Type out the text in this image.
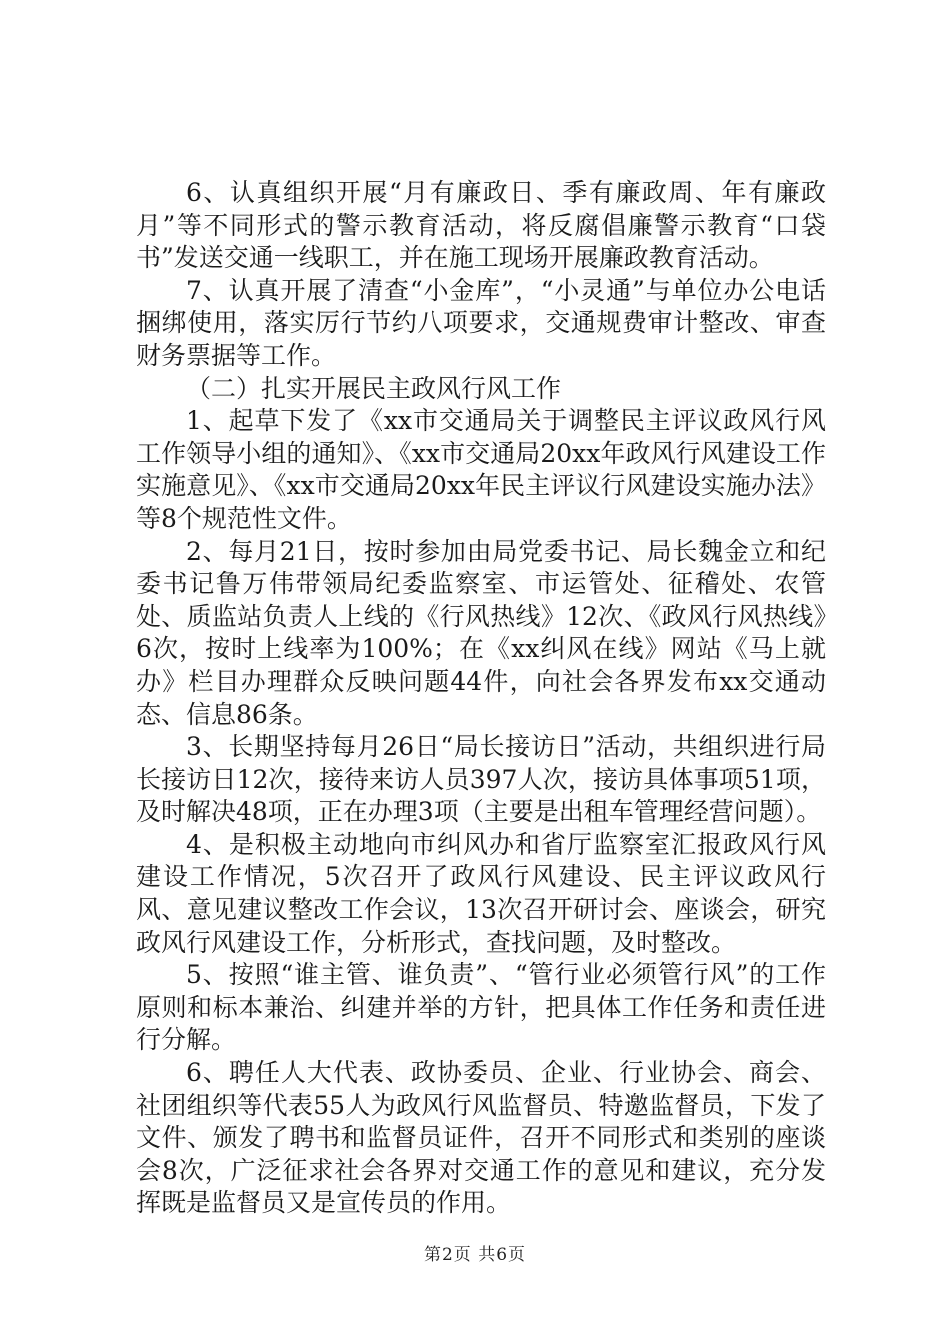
6、认真组织开展“月有廉政日、季有廉政周、年有廉政月”等不同形式的警示教育活动，将反腐倡廉警示教育“口袋书”发送交通一线职工，并在施工现场开展廉政教育活动。

7、认真开展了清查“小金库”，“小灵通”与单位办公电话捆绑使用，落实厉行节约八项要求，交通规费审计整改、审查财务票据等工作。

（二）扎实开展民主政风行风工作

1、起草下发了《xx市交通局关于调整民主评议政风行风工作领导小组的通知》、《xx市交通局20xx年政风行风建设工作实施意见》、《xx市交通局20xx年民主评议行风建设实施办法》等8个规范性文件。

2、每月21日，按时参加由局党委书记、局长魏金立和纪委书记鲁万伟带领局纪委监察室、市运管处、征稽处、农管处、质监站负责人上线的《行风热线》12次、《政风行风热线》6次，按时上线率为100%；在《xx纠风在线》网站《马上就办》栏目办理群众反映问题44件，向社会各界发布xx交通动态、信息86条。

3、长期坚持每月26日“局长接访日”活动，共组织进行局长接访日12次，接待来访人员397人次，接访具体事项51项，及时解决48项，正在办理3项（主要是出租车管理经营问题）。

4、是积极主动地向市纠风办和省厅监察室汇报政风行风建设工作情况，5次召开了政风行风建设、民主评议政风行风、意见建议整改工作会议，13次召开研讨会、座谈会，研究政风行风建设工作，分析形式，查找问题，及时整改。

5、按照“谁主管、谁负责”、“管行业必须管行风”的工作原则和标本兼治、纠建并举的方针，把具体工作任务和责任进行分解。

6、聘任人大代表、政协委员、企业、行业协会、商会、社团组织等代表55人为政风行风监督员、特邀监督员，下发了文件、颁发了聘书和监督员证件，召开不同形式和类别的座谈会8次，广泛征求社会各界对交通工作的意见和建议，充分发挥既是监督员又是宣传员的作用。

第2页 共6页
